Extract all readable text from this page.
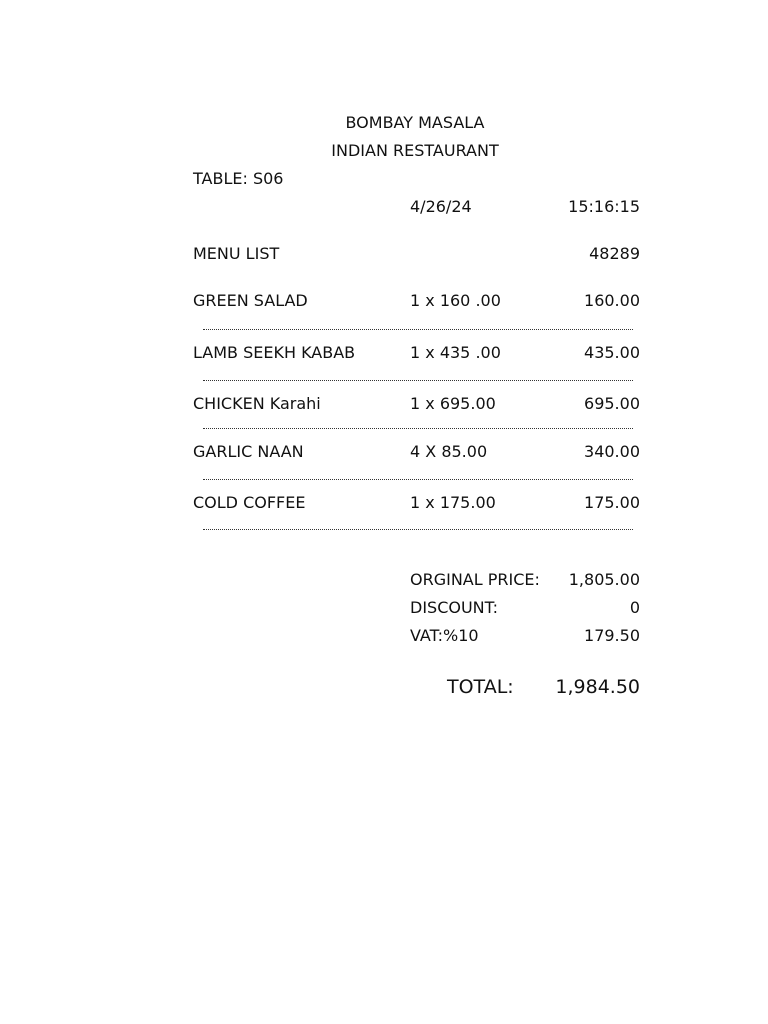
BOMBAY MASALA
INDIAN RESTAURANT
TABLE: S06
4/26/24	15:16:15
MENU LIST	48289
GREEN SALAD	1 x 160 .00	160.00
LAMB SEEKH KABAB	1 x 435 .00	435.00
CHICKEN Karahi	1 x 695.00	695.00
GARLIC NAAN	4 X 85.00	340.00
COLD COFFEE	1 x 175.00	175.00
ORGINAL PRICE: 1,805.00
DISCOUNT:	0
VAT:%10	179.50
TOTAL: 1,984.50
